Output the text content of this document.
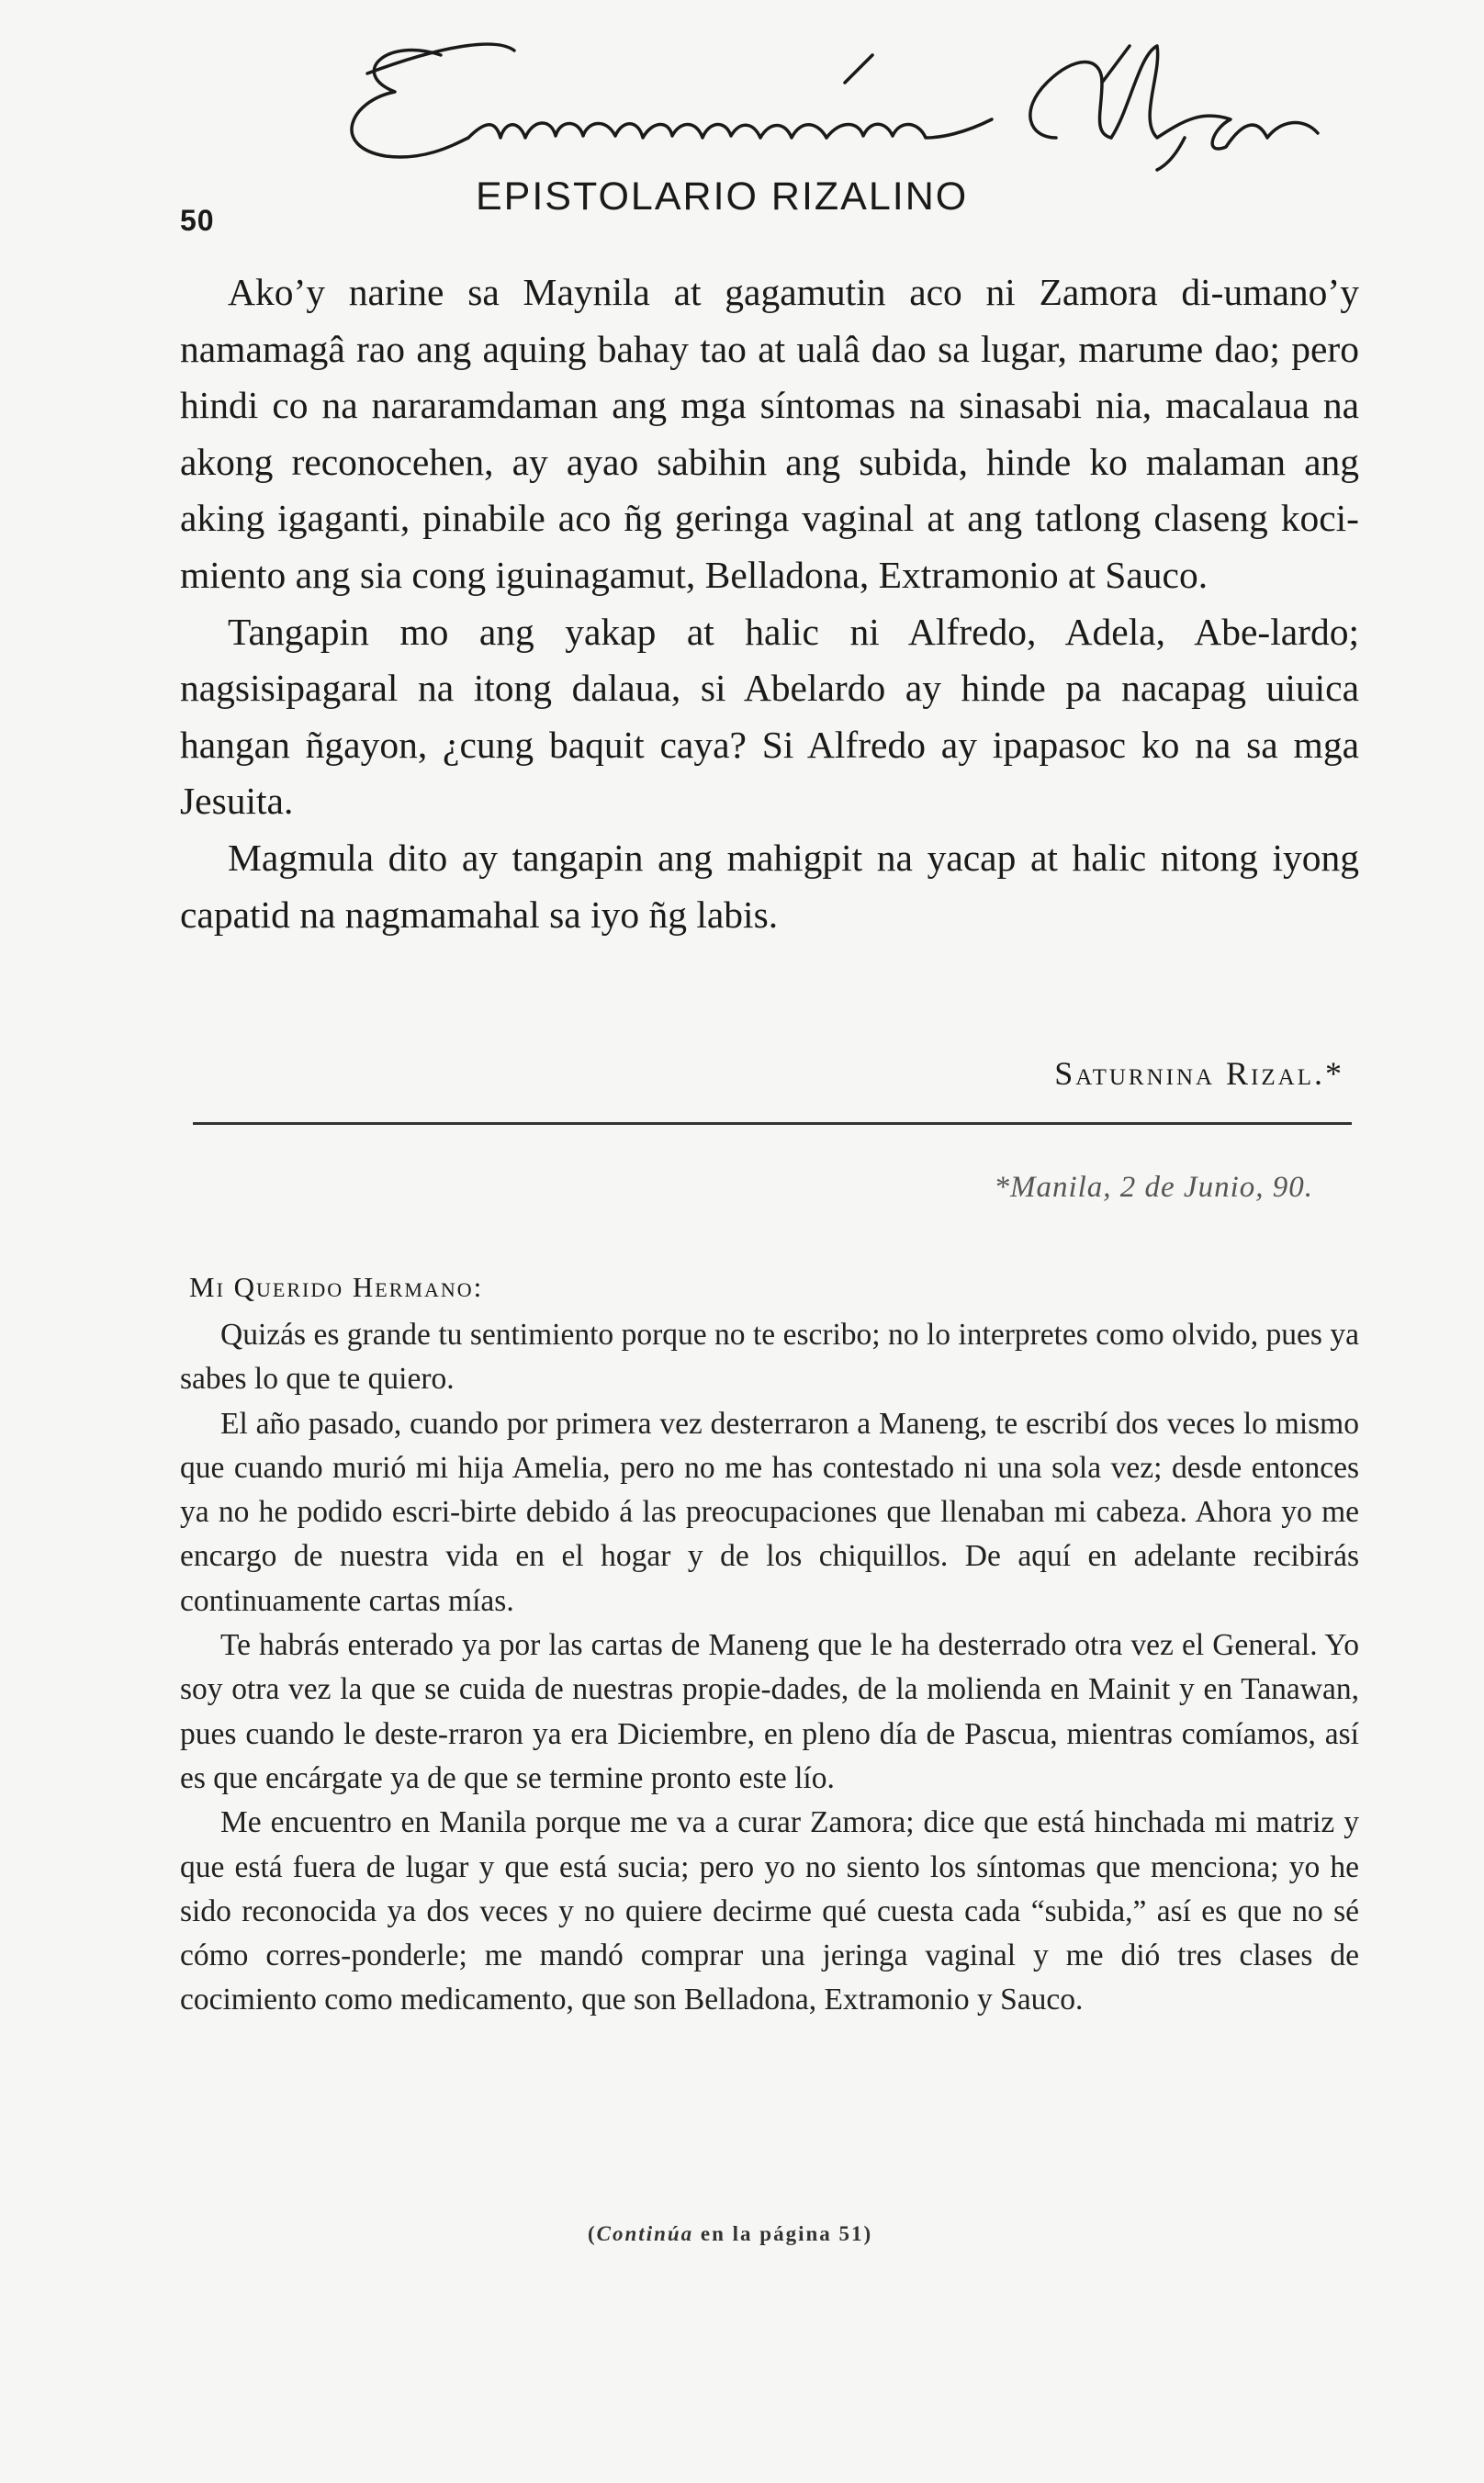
50
EPISTOLARIO RIZALINO

Ako’y narine sa Maynila at gagamutin aco ni Zamora di-umano’y namamagâ rao ang aquing bahay tao at ualâ dao sa lugar, marume dao; pero hindi co na nararamdaman ang mga síntomas na sinasabi nia, macalaua na akong reconocehen, ay ayao sabihin ang subida, hinde ko malaman ang aking igaganti, pinabile aco ñg geringa vaginal at ang tatlong claseng koci-miento ang sia cong iguinagamut, Belladona, Extramonio at Sauco.

Tangapin mo ang yakap at halic ni Alfredo, Adela, Abe-lardo; nagsisipagaral na itong dalaua, si Abelardo ay hinde pa nacapag uiuica hangan ñgayon, ¿cung baquit caya? Si Alfredo ay ipapasoc ko na sa mga Jesuita.

Magmula dito ay tangapin ang mahigpit na yacap at halic nitong iyong capatid na nagmamahal sa iyo ñg labis.

Saturnina Rizal.*
*Manila, 2 de Junio, 90.
Mi Querido Hermano:

Quizás es grande tu sentimiento porque no te escribo; no lo interpretes como olvido, pues ya sabes lo que te quiero.

El año pasado, cuando por primera vez desterraron a Maneng, te escribí dos veces lo mismo que cuando murió mi hija Amelia, pero no me has contestado ni una sola vez; desde entonces ya no he podido escri-birte debido á las preocupaciones que llenaban mi cabeza. Ahora yo me encargo de nuestra vida en el hogar y de los chiquillos. De aquí en adelante recibirás continuamente cartas mías.

Te habrás enterado ya por las cartas de Maneng que le ha desterrado otra vez el General. Yo soy otra vez la que se cuida de nuestras propie-dades, de la molienda en Mainit y en Tanawan, pues cuando le deste-rraron ya era Diciembre, en pleno día de Pascua, mientras comíamos, así es que encárgate ya de que se termine pronto este lío.

Me encuentro en Manila porque me va a curar Zamora; dice que está hinchada mi matriz y que está fuera de lugar y que está sucia; pero yo no siento los síntomas que menciona; yo he sido reconocida ya dos veces y no quiere decirme qué cuesta cada “subida,” así es que no sé cómo corres-ponderle; me mandó comprar una jeringa vaginal y me dió tres clases de cocimiento como medicamento, que son Belladona, Extramonio y Sauco.

(Continúa en la página 51)
